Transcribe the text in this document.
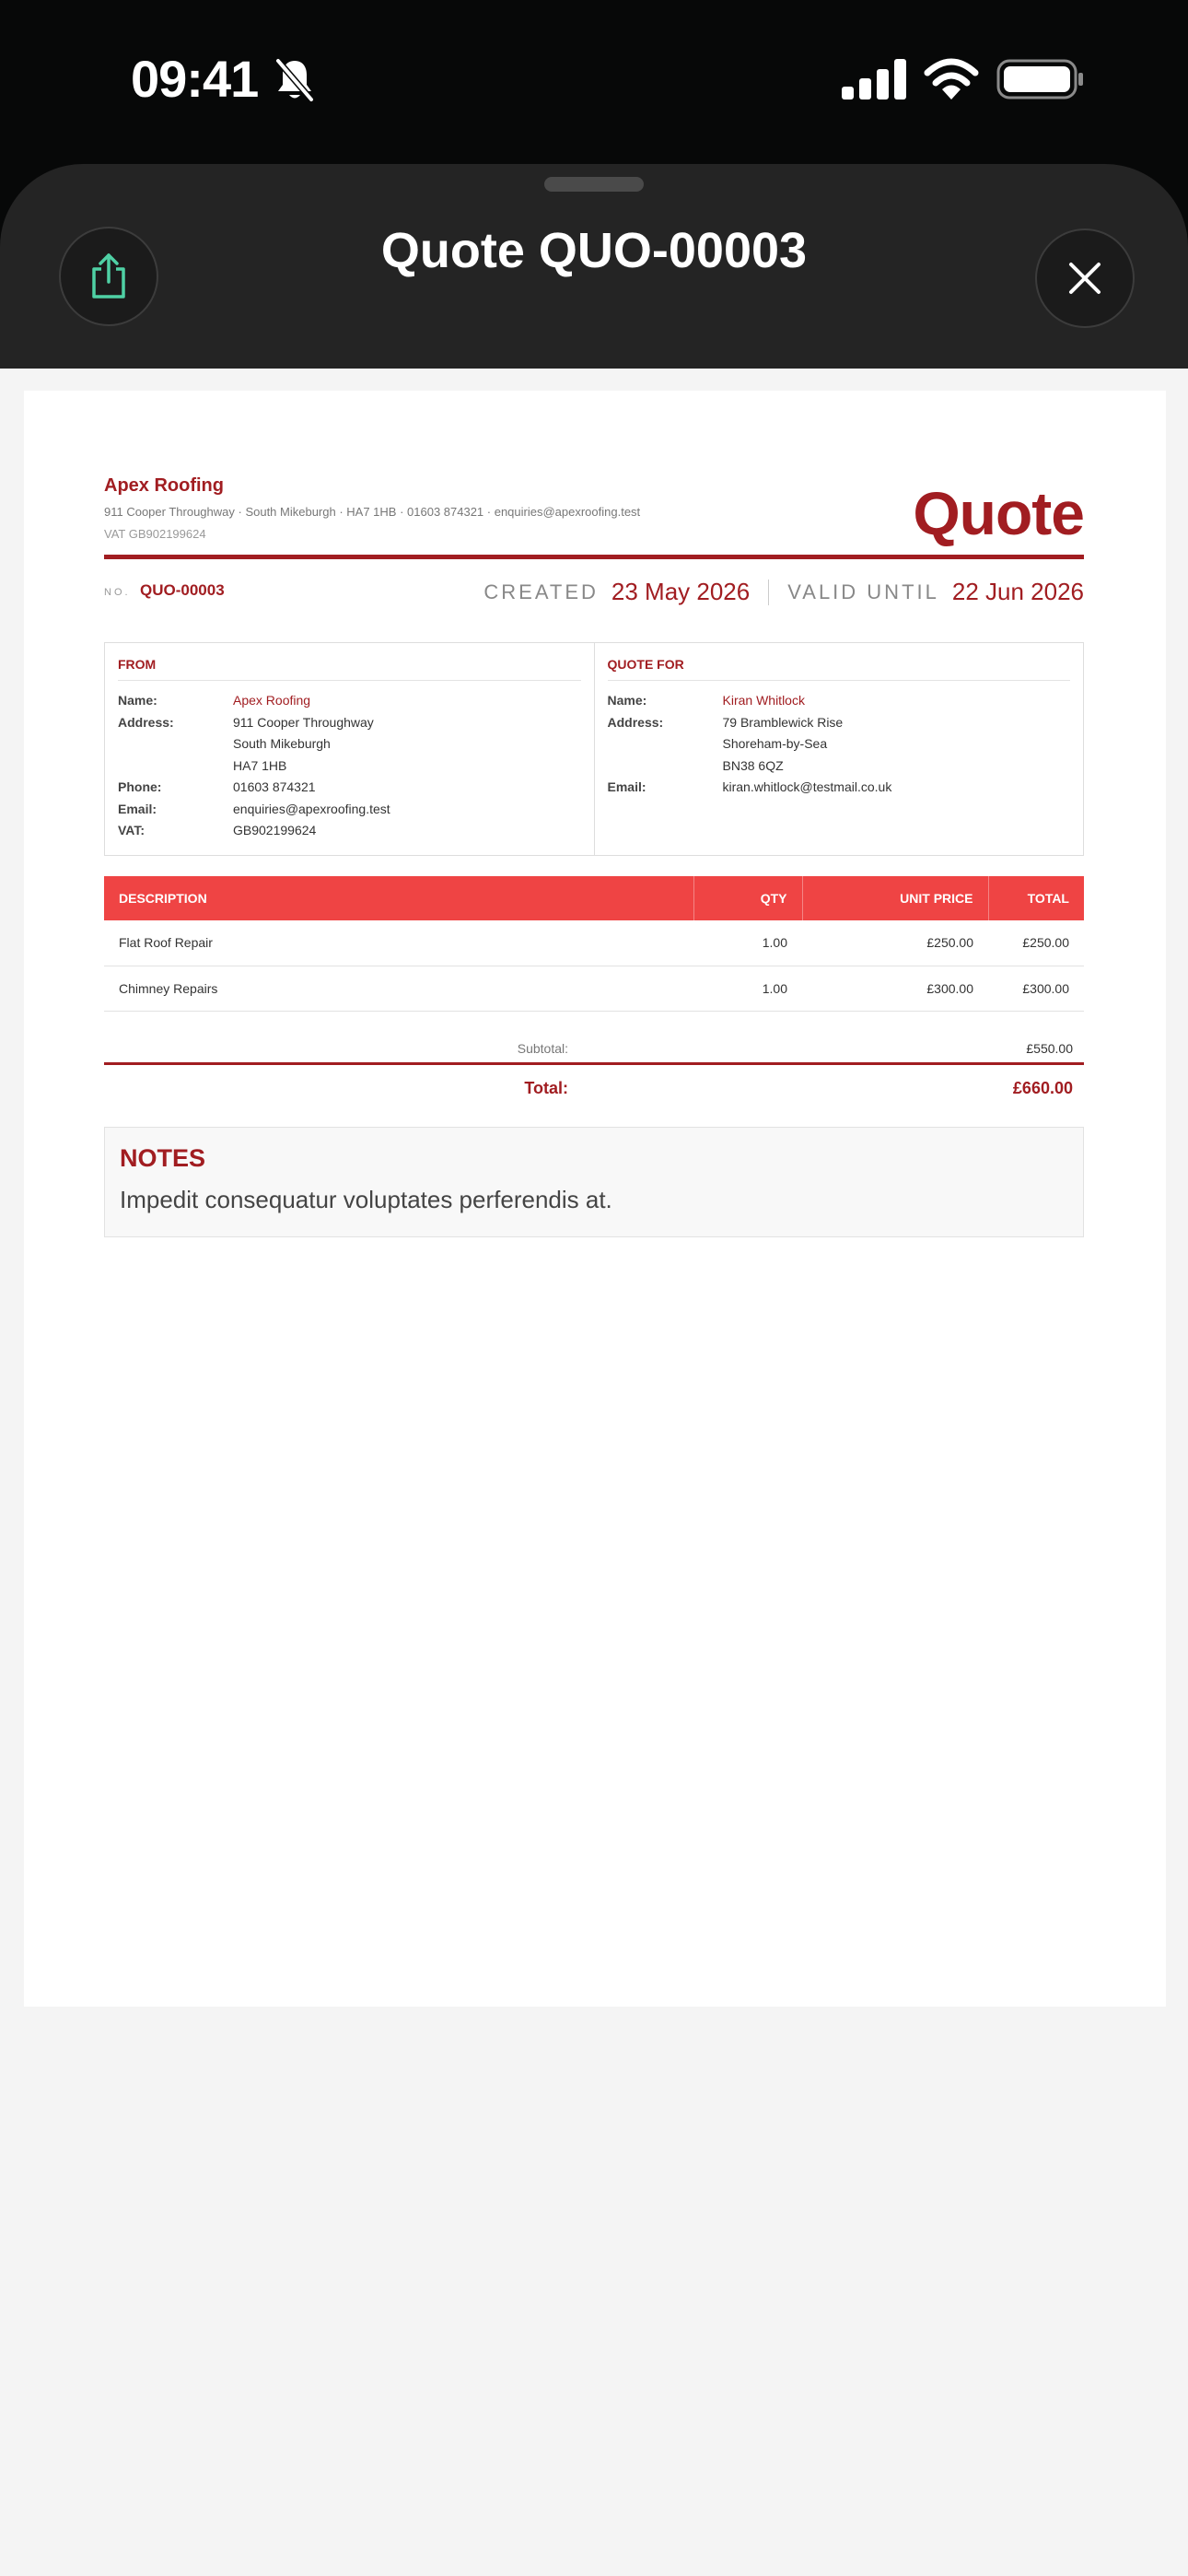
09:41
Quote QUO-00003
Apex Roofing
911 Cooper Throughway · South Mikeburgh · HA7 1HB · 01603 874321 · enquiries@apexroofing.test
VAT GB902199624	Quote
NO. QUO-00003	CREATED 23 May 2026 VALID UNTIL 22 Jun 2026
FROM
Name:	Apex Roofing
Address:	911 Cooper Throughway
South Mikeburgh
HA7 1HB
Phone:	01603 874321
Email:	enquiries@apexroofing.test
VAT:	GB902199624
QUOTE FOR
Name:	Kiran Whitlock
Address:	79 Bramblewick Rise
Shoreham-by-Sea
BN38 6QZ
Email:	kiran.whitlock@testmail.co.uk
DESCRIPTION	QTY	UNIT PRICE	TOTAL
Flat Roof Repair	1.00	£250.00	£250.00
Chimney Repairs	1.00	£300.00	£300.00
Subtotal:	£550.00
Total:	£660.00
NOTES
Impedit consequatur voluptates perferendis at.
